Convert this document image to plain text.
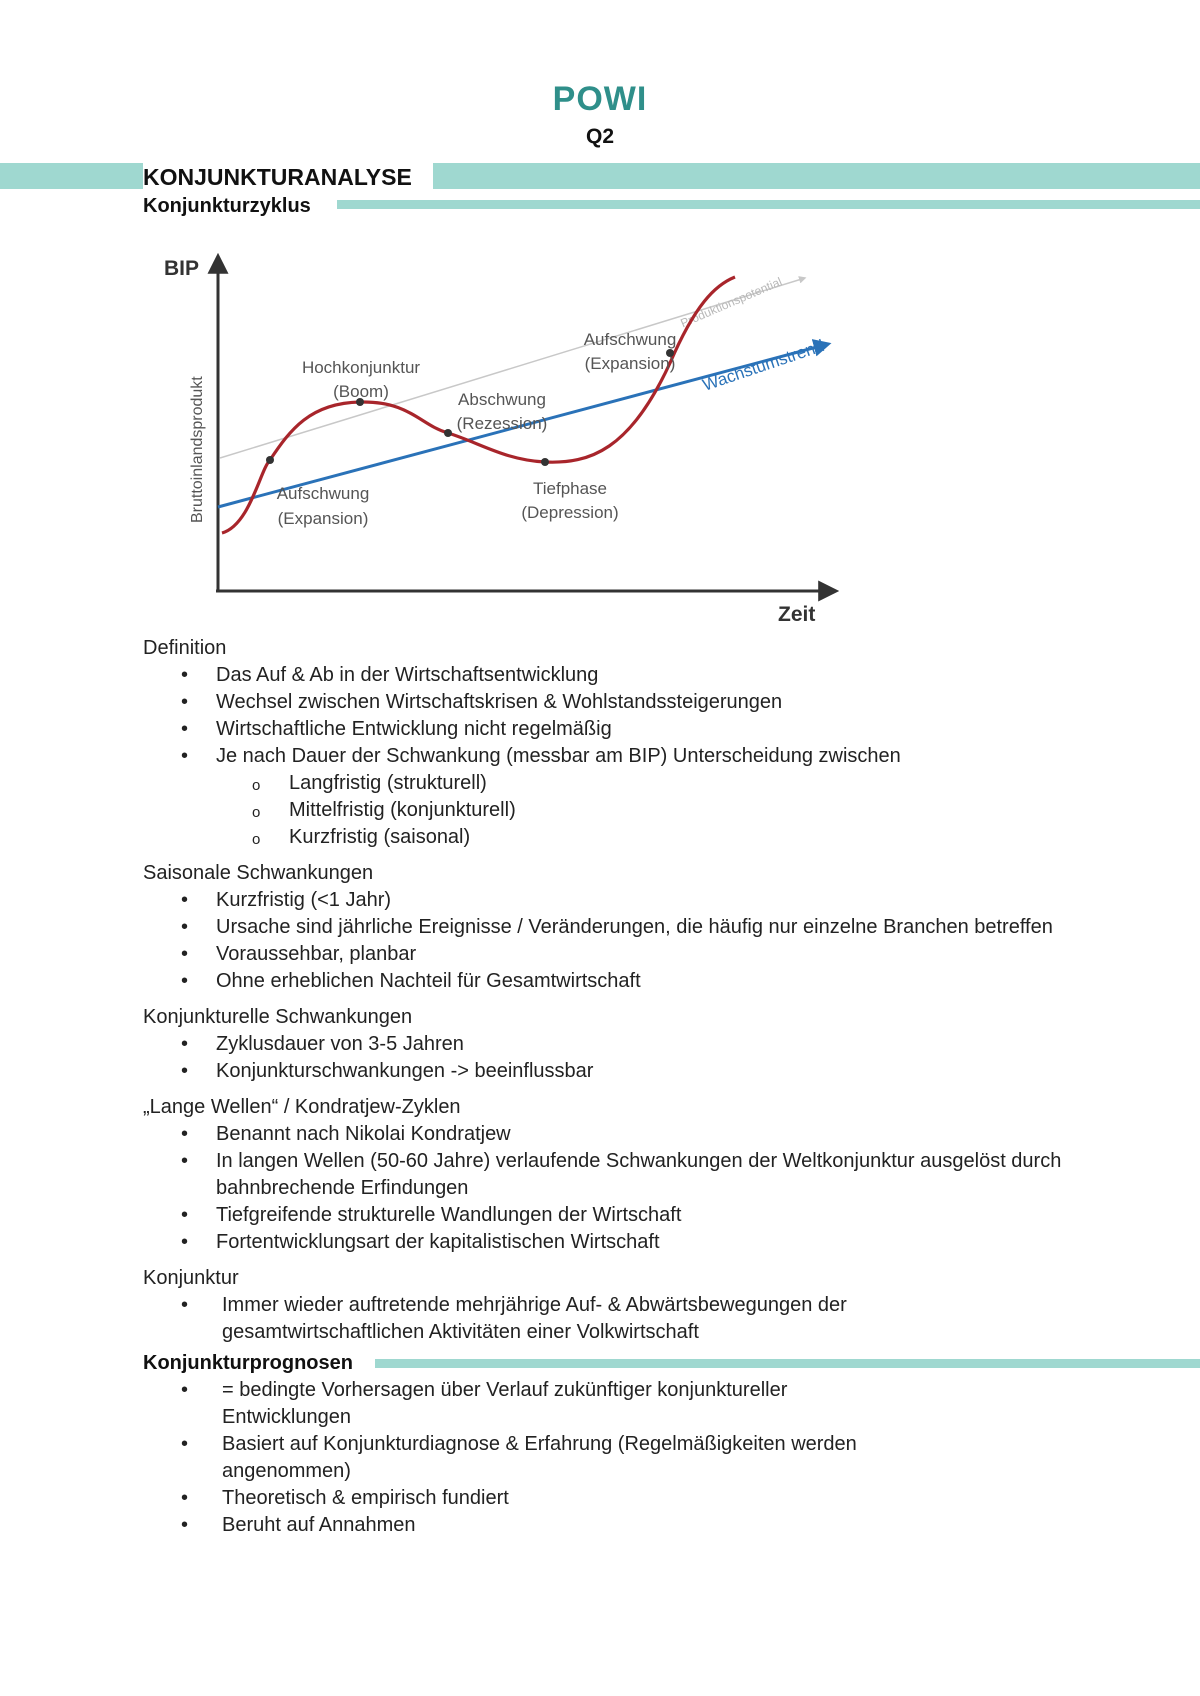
POWI
Q2
KONJUNKTURANALYSE
Konjunkturzyklus
BIP
Zeit
Bruttoinlandsprodukt
Produktionspotential
Wachstumstrend
Aufschwung
(Expansion)
Hochkonjunktur
(Boom)	Abschwung
(Rezession)
Tiefphase
(Depression)
Aufschwung
(Expansion)
Definition
• Das Auf & Ab in der Wirtschaftsentwicklung
• Wechsel zwischen Wirtschaftskrisen & Wohlstandssteigerungen
• Wirtschaftliche Entwicklung nicht regelmäßig
• Je nach Dauer der Schwankung (messbar am BIP) Unterscheidung zwischen
o Langfristig (strukturell)
o Mittelfristig (konjunkturell)
o Kurzfristig (saisonal)
Saisonale Schwankungen
• Kurzfristig (<1 Jahr)
• Ursache sind jährliche Ereignisse / Veränderungen, die häufig nur einzelne Branchen betreffen
• Voraussehbar, planbar
• Ohne erheblichen Nachteil für Gesamtwirtschaft
Konjunkturelle Schwankungen
• Zyklusdauer von 3-5 Jahren
• Konjunkturschwankungen -> beeinflussbar
„Lange Wellen“ / Kondratjew-Zyklen
• Benannt nach Nikolai Kondratjew
• In langen Wellen (50-60 Jahre) verlaufende Schwankungen der Weltkonjunktur ausgelöst durch bahnbrechende Erfindungen
• Tiefgreifende strukturelle Wandlungen der Wirtschaft
• Fortentwicklungsart der kapitalistischen Wirtschaft
Konjunktur
• Immer wieder auftretende mehrjährige Auf- & Abwärtsbewegungen der gesamtwirtschaftlichen Aktivitäten einer Volkwirtschaft
Konjunkturprognosen
• = bedingte Vorhersagen über Verlauf zukünftiger konjunktureller Entwicklungen
• Basiert auf Konjunkturdiagnose & Erfahrung (Regelmäßigkeiten werden angenommen)
• Theoretisch & empirisch fundiert
• Beruht auf Annahmen
